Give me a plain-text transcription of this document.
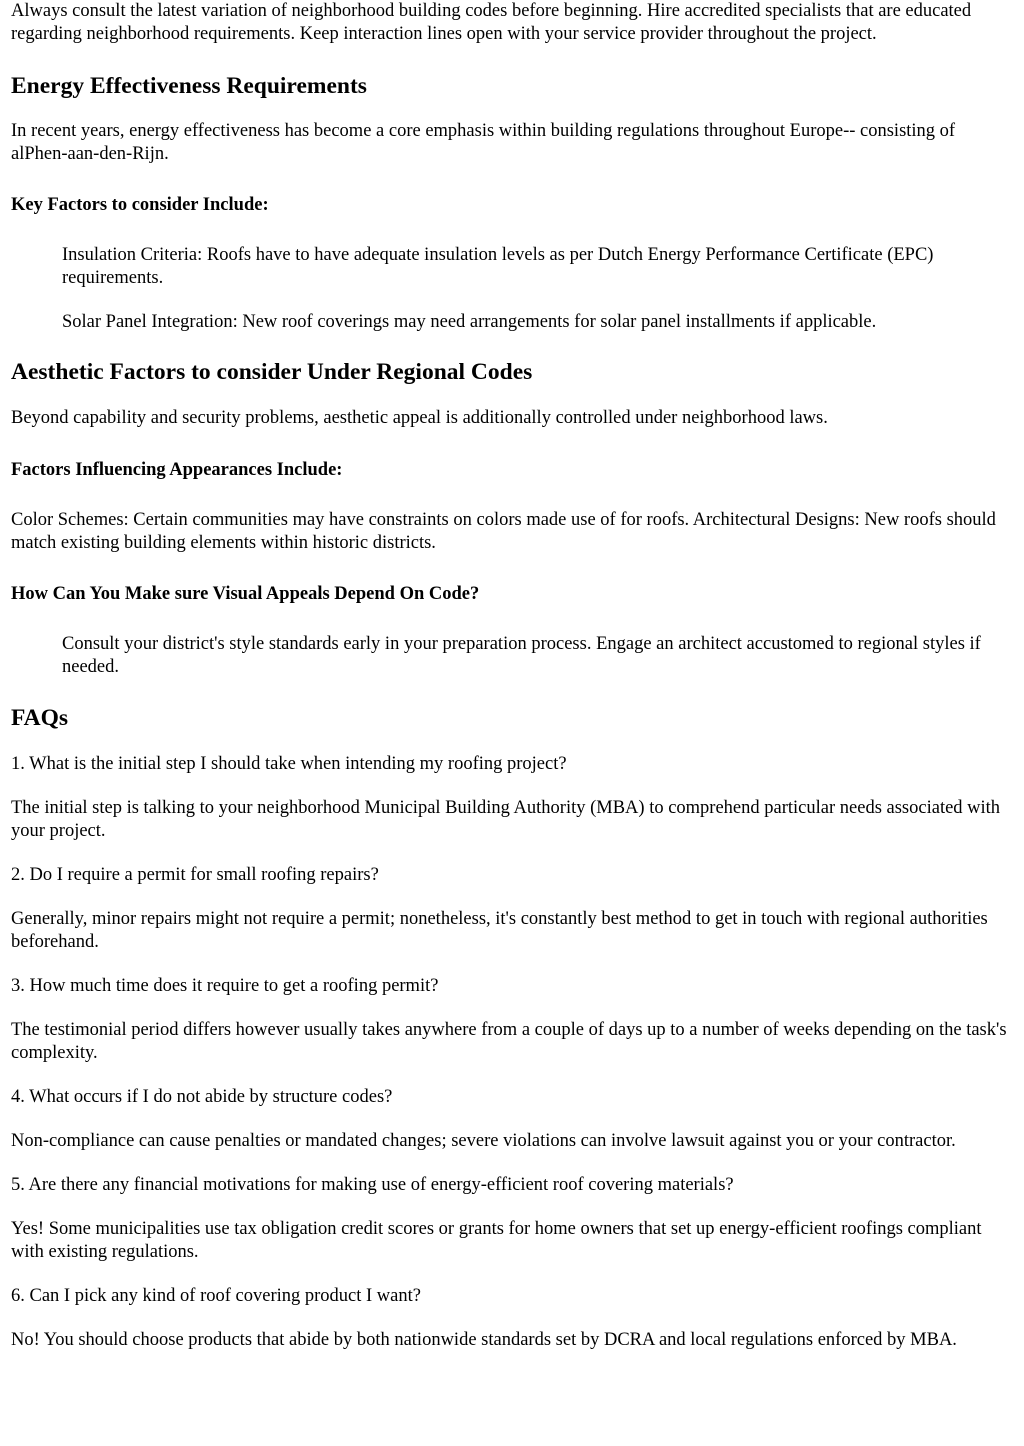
Always consult the latest variation of neighborhood building codes before beginning. Hire accredited specialists that are educated regarding neighborhood requirements. Keep interaction lines open with your service provider throughout the project.

Energy Effectiveness Requirements

In recent years, energy effectiveness has become a core emphasis within building regulations throughout Europe-- consisting of alPhen-aan-den-Rijn.

Key Factors to consider Include:

Insulation Criteria: Roofs have to have adequate insulation levels as per Dutch Energy Performance Certificate (EPC) requirements.

Solar Panel Integration: New roof coverings may need arrangements for solar panel installments if applicable.

Aesthetic Factors to consider Under Regional Codes

Beyond capability and security problems, aesthetic appeal is additionally controlled under neighborhood laws.

Factors Influencing Appearances Include:

Color Schemes: Certain communities may have constraints on colors made use of for roofs. Architectural Designs: New roofs should match existing building elements within historic districts.

How Can You Make sure Visual Appeals Depend On Code?

Consult your district's style standards early in your preparation process. Engage an architect accustomed to regional styles if needed.

FAQs

1. What is the initial step I should take when intending my roofing project?

The initial step is talking to your neighborhood Municipal Building Authority (MBA) to comprehend particular needs associated with your project.

2. Do I require a permit for small roofing repairs?

Generally, minor repairs might not require a permit; nonetheless, it's constantly best method to get in touch with regional authorities beforehand.

3. How much time does it require to get a roofing permit?

The testimonial period differs however usually takes anywhere from a couple of days up to a number of weeks depending on the task's complexity.

4. What occurs if I do not abide by structure codes?

Non-compliance can cause penalties or mandated changes; severe violations can involve lawsuit against you or your contractor.

5. Are there any financial motivations for making use of energy-efficient roof covering materials?

Yes! Some municipalities use tax obligation credit scores or grants for home owners that set up energy-efficient roofings compliant with existing regulations.

6. Can I pick any kind of roof covering product I want?

No! You should choose products that abide by both nationwide standards set by DCRA and local regulations enforced by MBA.
